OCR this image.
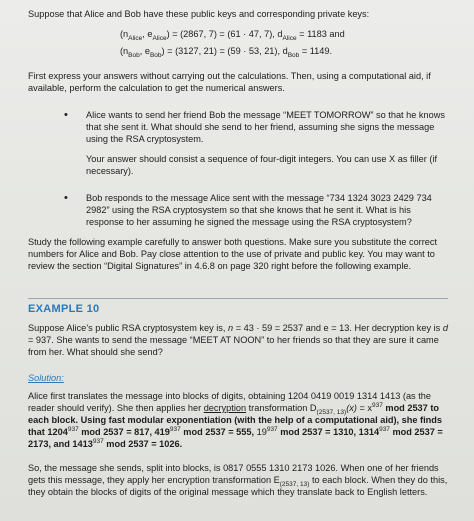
Suppose that Alice and Bob have these public keys and corresponding private keys:

($n_{Alice}$, $e_{Alice}) = (2867$, 7) = (61 · 47, 7), $d_{Alice} = 1183$ and
($n_{Bob}$, $e_{Bob}) = (3127$, 21) = (59 · 53, 21), $d_{Bob} = 1149$.

First express your answers without carrying out the calculations. Then, using a computational aid, if available, perform the calculation to get the numerical answers.

• Alice wants to send her friend Bob the message “MEET TOMORROW” so that he knows that she sent it. What should she send to her friend, assuming she signs the message using the RSA cryptosystem.

Your answer should consist a sequence of four-digit integers. You can use X as filler (if necessary).

• Bob responds to the message Alice sent with the message “734 1324 3023 2429 734 2982” using the RSA cryptosystem so that she knows that he sent it. What is his response to her assuming he signed the message using the RSA cryptosystem?

Study the following example carefully to answer both questions. Make sure you substitute the correct numbers for Alice and Bob. Pay close attention to the use of private and public key. You may want to review the section “Digital Signatures” in 4.6.8 on page 320 right before the following example.

EXAMPLE 10

Suppose Alice’s public RSA cryptosystem key is, n = 43 · 59 = 2537 and e = 13. Her decryption key is d = 937. She wants to send the message “MEET AT NOON” to her friends so that they are sure it came from her. What should she send?

Solution:

Alice first translates the message into blocks of digits, obtaining 1204 0419 0019 1314 1413 (as the reader should verify). She then applies her decryption transformation $D_{(2537, 13)}(x) = x^{937}$ mod 2537 to each block. Using fast modular exponentiation (with the help of a computational aid), she finds that 1204$^{937}$ mod 2537 = 817, $419^{937}$ mod 2537 = 555, $19^{937}$ mod 2537 = 1310, 1314$^{937}$ mod 2537 = 2173, and 1413$^{937}$ mod 2537 = 1026.

So, the message she sends, split into blocks, is 0817 0555 1310 2173 1026. When one of her friends gets this message, they apply her encryption transformation $E_{(2537, 13)}$ to each block. When they do this, they obtain the blocks of digits of the original message which they translate back to English letters.
